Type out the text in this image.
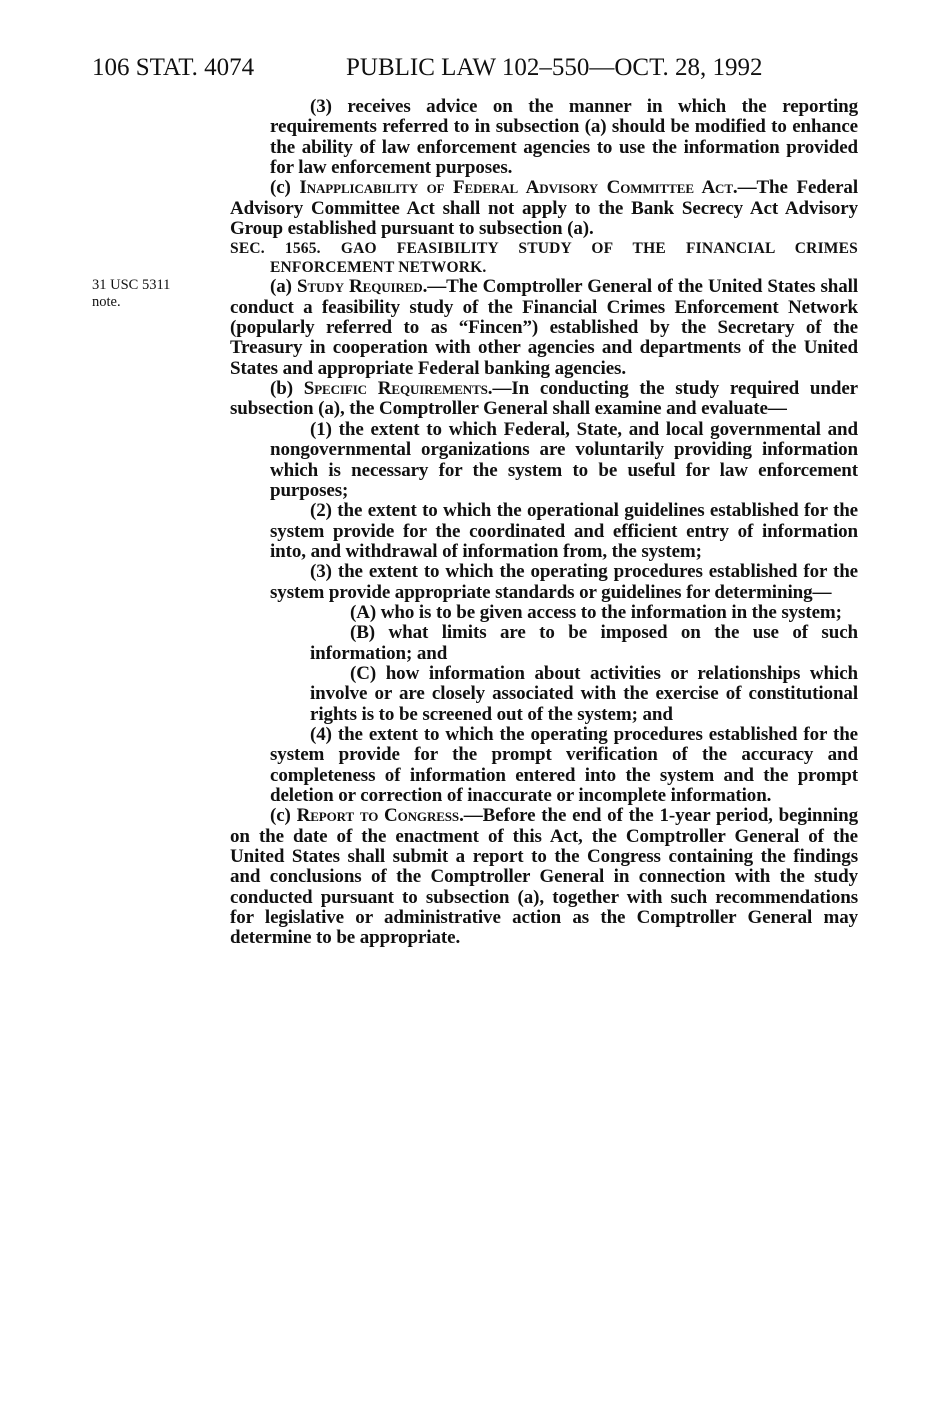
106 STAT. 4074	PUBLIC LAW 102–550—OCT. 28, 1992
31 USC 5311
note.

(3) receives advice on the manner in which the reporting requirements referred to in subsection (a) should be modified to enhance the ability of law enforcement agencies to use the information provided for law enforcement purposes.

(c) Inapplicability of Federal Advisory Committee Act.—The Federal Advisory Committee Act shall not apply to the Bank Secrecy Act Advisory Group established pursuant to subsection (a).

SEC. 1565. GAO FEASIBILITY STUDY OF THE FINANCIAL CRIMES ENFORCEMENT NETWORK.

(a) Study Required.—The Comptroller General of the United States shall conduct a feasibility study of the Financial Crimes Enforcement Network (popularly referred to as “Fincen”) established by the Secretary of the Treasury in cooperation with other agencies and departments of the United States and appropriate Federal banking agencies.

(b) Specific Requirements.—In conducting the study required under subsection (a), the Comptroller General shall examine and evaluate—

(1) the extent to which Federal, State, and local governmental and nongovernmental organizations are voluntarily providing information which is necessary for the system to be useful for law enforcement purposes;

(2) the extent to which the operational guidelines established for the system provide for the coordinated and efficient entry of information into, and withdrawal of information from, the system;

(3) the extent to which the operating procedures established for the system provide appropriate standards or guidelines for determining—

(A) who is to be given access to the information in the system;

(B) what limits are to be imposed on the use of such information; and

(C) how information about activities or relationships which involve or are closely associated with the exercise of constitutional rights is to be screened out of the system; and

(4) the extent to which the operating procedures established for the system provide for the prompt verification of the accuracy and completeness of information entered into the system and the prompt deletion or correction of inaccurate or incomplete information.

(c) Report to Congress.—Before the end of the 1-year period, beginning on the date of the enactment of this Act, the Comptroller General of the United States shall submit a report to the Congress containing the findings and conclusions of the Comptroller General in connection with the study conducted pursuant to subsection (a), together with such recommendations for legislative or administrative action as the Comptroller General may determine to be appropriate.
